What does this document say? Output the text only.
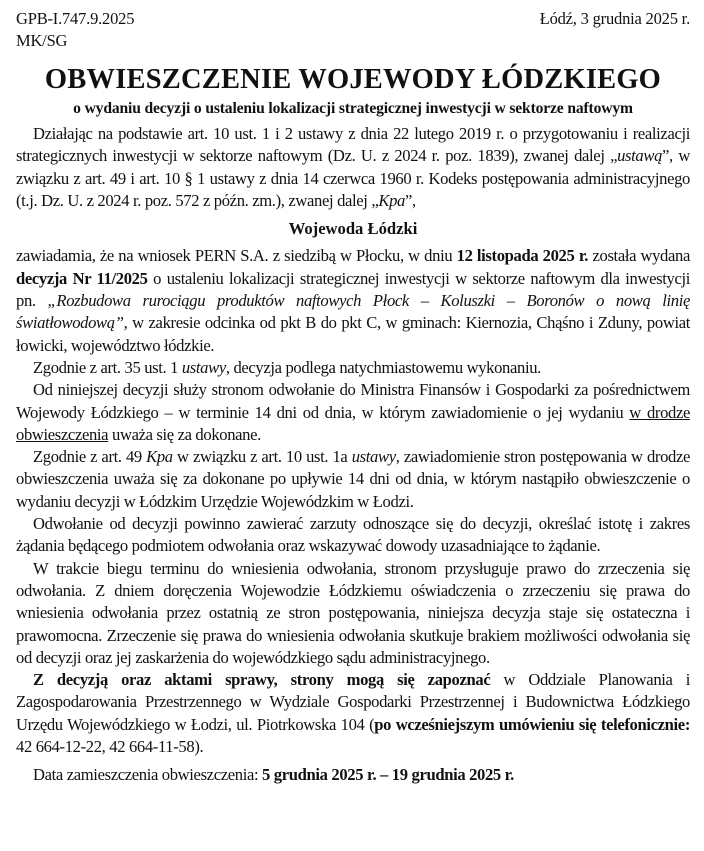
GPB-I.747.9.2025
MK/SG
Łódź, 3 grudnia 2025 r.
OBWIESZCZENIE WOJEWODY ŁÓDZKIEGO
o wydaniu decyzji o ustaleniu lokalizacji strategicznej inwestycji w sektorze naftowym

Działając na podstawie art. 10 ust. 1 i 2 ustawy z dnia 22 lutego 2019 r. o przygotowaniu i realizacji strategicznych inwestycji w sektorze naftowym (Dz. U. z 2024 r. poz. 1839), zwanej dalej „ustawą”, w związku z art. 49 i art. 10 § 1 ustawy z dnia 14 czerwca 1960 r. Kodeks postępowania administracyjnego (t.j. Dz. U. z 2024 r. poz. 572 z późn. zm.), zwanej dalej „Kpa”,

Wojewoda Łódzki

zawiadamia, że na wniosek PERN S.A. z siedzibą w Płocku, w dniu 12 listopada 2025 r. została wydana decyzja Nr 11/2025 o ustaleniu lokalizacji strategicznej inwestycji w sektorze naftowym dla inwestycji pn. „Rozbudowa rurociągu produktów naftowych Płock – Koluszki – Boronów o nową linię światłowodową”, w zakresie odcinka od pkt B do pkt C, w gminach: Kiernozia, Chąśno i Zduny, powiat łowicki, województwo łódzkie.

Zgodnie z art. 35 ust. 1 ustawy, decyzja podlega natychmiastowemu wykonaniu.

Od niniejszej decyzji służy stronom odwołanie do Ministra Finansów i Gospodarki za pośrednictwem Wojewody Łódzkiego – w terminie 14 dni od dnia, w którym zawiadomienie o jej wydaniu w drodze obwieszczenia uważa się za dokonane.

Zgodnie z art. 49 Kpa w związku z art. 10 ust. 1a ustawy, zawiadomienie stron postępowania w drodze obwieszczenia uważa się za dokonane po upływie 14 dni od dnia, w którym nastąpiło obwieszczenie o wydaniu decyzji w Łódzkim Urzędzie Wojewódzkim w Łodzi.

Odwołanie od decyzji powinno zawierać zarzuty odnoszące się do decyzji, określać istotę i zakres żądania będącego podmiotem odwołania oraz wskazywać dowody uzasadniające to żądanie.

W trakcie biegu terminu do wniesienia odwołania, stronom przysługuje prawo do zrzeczenia się odwołania. Z dniem doręczenia Wojewodzie Łódzkiemu oświadczenia o zrzeczeniu się prawa do wniesienia odwołania przez ostatnią ze stron postępowania, niniejsza decyzja staje się ostateczna i prawomocna. Zrzeczenie się prawa do wniesienia odwołania skutkuje brakiem możliwości odwołania się od decyzji oraz jej zaskarżenia do wojewódzkiego sądu administracyjnego.

Z decyzją oraz aktami sprawy, strony mogą się zapoznać w Oddziale Planowania i Zagospodarowania Przestrzennego w Wydziale Gospodarki Przestrzennej i Budownictwa Łódzkiego Urzędu Wojewódzkiego w Łodzi, ul. Piotrkowska 104 (po wcześniejszym umówieniu się telefonicznie: 42 664-12-22, 42 664-11-58).

Data zamieszczenia obwieszczenia: 5 grudnia 2025 r. – 19 grudnia 2025 r.
